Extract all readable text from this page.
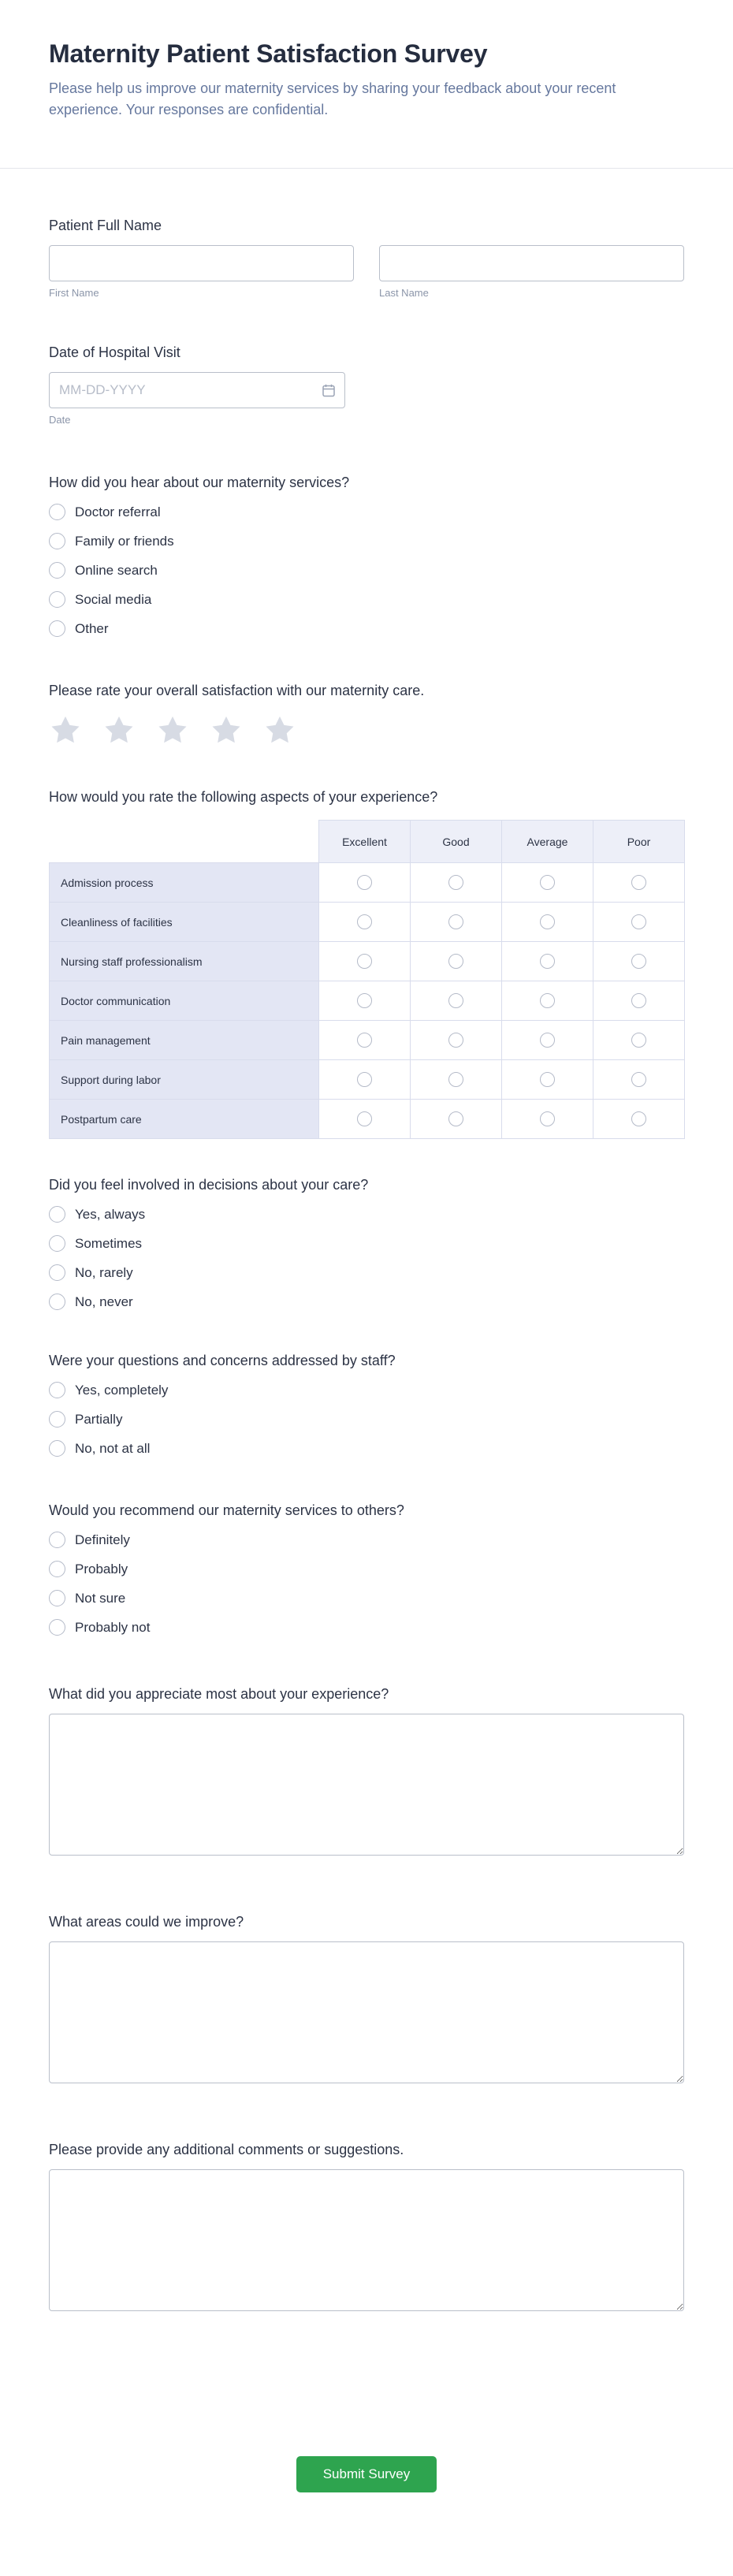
Maternity Patient Satisfaction Survey
Please help us improve our maternity services by sharing your feedback about your recent experience. Your responses are confidential.
Patient Full Name
First Name	Last Name
Date of Hospital Visit
MM-DD-YYYY
Date
How did you hear about our maternity services?
Doctor referral
Family or friends
Online search
Social media
Other
Please rate your overall satisfaction with our maternity care.
How would you rate the following aspects of your experience?
	Excellent	Good	Average	Poor
Admission process				
Cleanliness of facilities				
Nursing staff professionalism				
Doctor communication				
Pain management				
Support during labor				
Postpartum care				
Did you feel involved in decisions about your care?
Yes, always
Sometimes
No, rarely
No, never
Were your questions and concerns addressed by staff?
Yes, completely
Partially
No, not at all
Would you recommend our maternity services to others?
Definitely
Probably
Not sure
Probably not
What did you appreciate most about your experience?
What areas could we improve?
Please provide any additional comments or suggestions.
Submit Survey
